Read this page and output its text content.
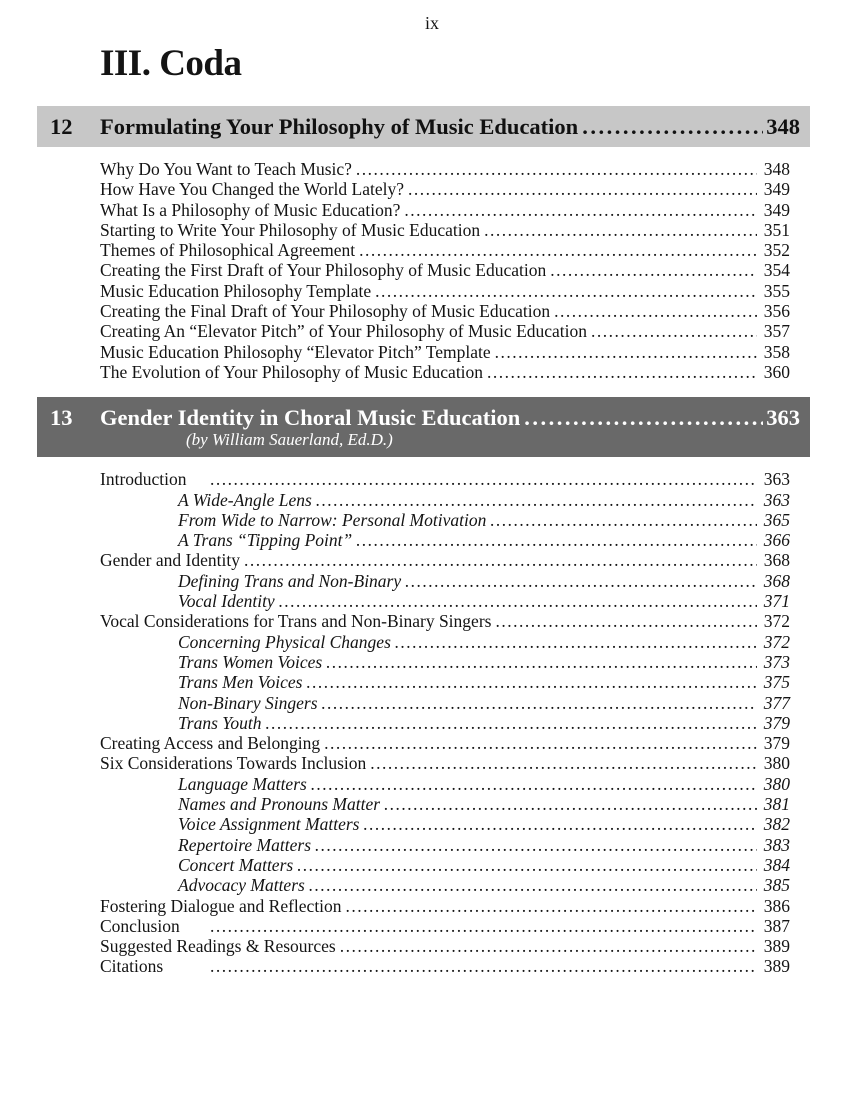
ix
III. Coda
12	Formulating Your Philosophy of Music Education .....	348
Why Do You Want to Teach Music? .....	348
How Have You Changed the World Lately? .....	349
What Is a Philosophy of Music Education? .....	349
Starting to Write Your Philosophy of Music Education .....	351
Themes of Philosophical Agreement .....	352
Creating the First Draft of Your Philosophy of Music Education .....	354
Music Education Philosophy Template .....	355
Creating the Final Draft of Your Philosophy of Music Education .....	356
Creating An “Elevator Pitch” of Your Philosophy of Music Education .....	357
Music Education Philosophy “Elevator Pitch” Template .....	358
The Evolution of Your Philosophy of Music Education .....	360
13	Gender Identity in Choral Music Education .....	363
(by William Sauerland, Ed.D.)
Introduction .....	363
A Wide-Angle Lens .....	363
From Wide to Narrow: Personal Motivation .....	365
A Trans “Tipping Point” .....	366
Gender and Identity .....	368
Defining Trans and Non-Binary .....	368
Vocal Identity .....	371
Vocal Considerations for Trans and Non-Binary Singers .....	372
Concerning Physical Changes .....	372
Trans Women Voices .....	373
Trans Men Voices .....	375
Non-Binary Singers .....	377
Trans Youth .....	379
Creating Access and Belonging .....	379
Six Considerations Towards Inclusion .....	380
Language Matters .....	380
Names and Pronouns Matter .....	381
Voice Assignment Matters .....	382
Repertoire Matters .....	383
Concert Matters .....	384
Advocacy Matters .....	385
Fostering Dialogue and Reflection .....	386
Conclusion .....	387
Suggested Readings & Resources .....	389
Citations .....	389
